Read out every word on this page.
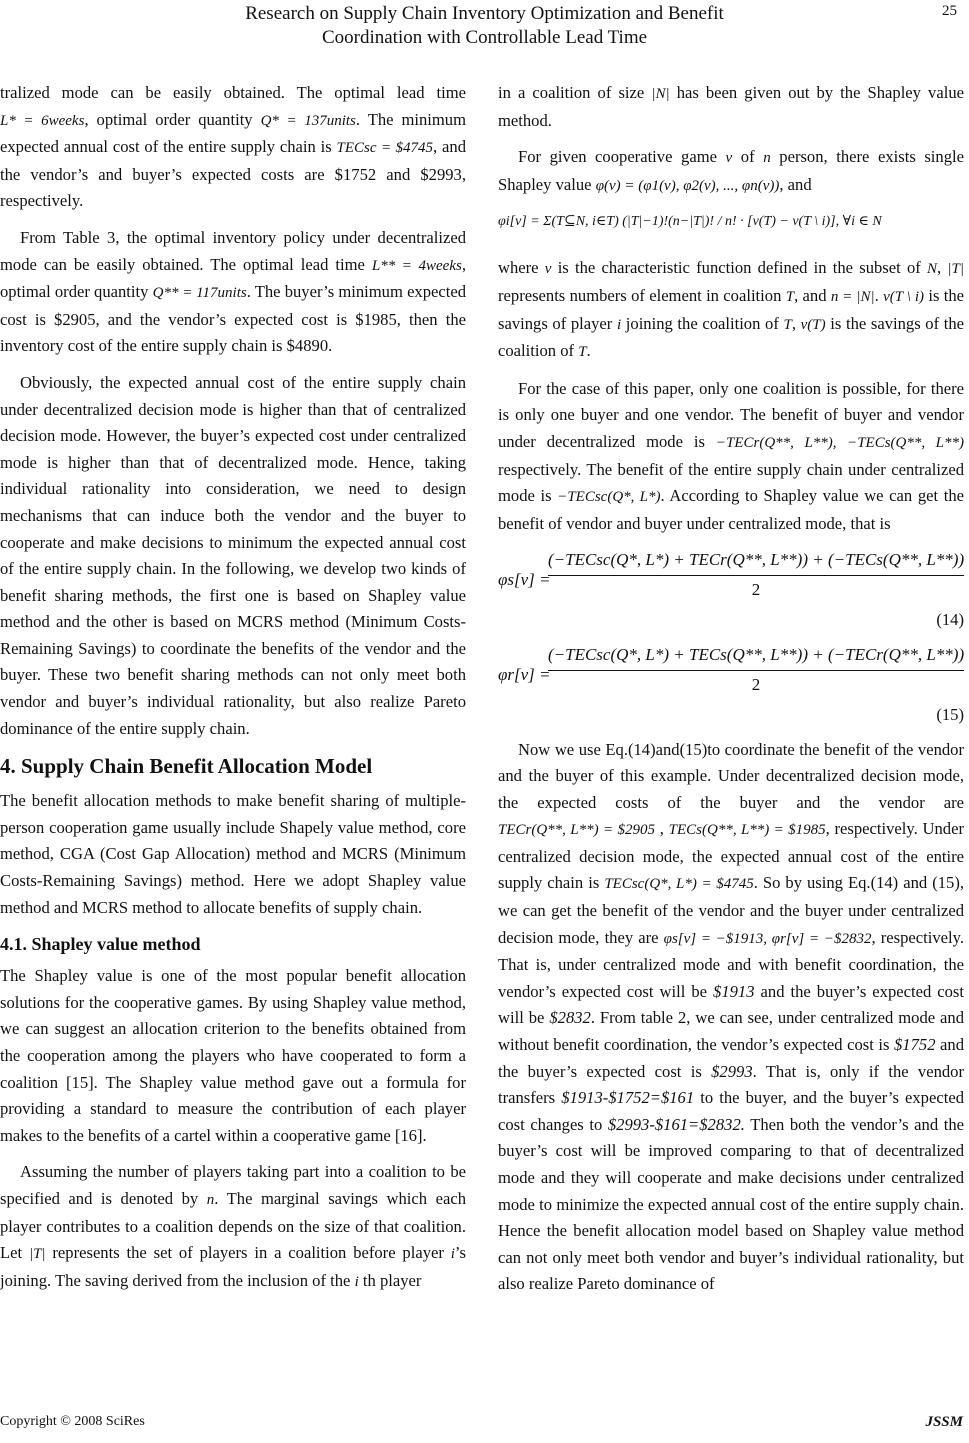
Research on Supply Chain Inventory Optimization and Benefit
Coordination with Controllable Lead Time
25

tralized mode can be easily obtained. The optimal lead time L* = 6weeks, optimal order quantity Q* = 137units. The minimum expected annual cost of the entire supply chain is TECsc = $4745, and the vendor’s and buyer’s expected costs are $1752 and $2993, respectively.

From Table 3, the optimal inventory policy under decentralized mode can be easily obtained. The optimal lead time L** = 4weeks, optimal order quantity Q** = 117units. The buyer’s minimum expected cost is $2905, and the vendor’s expected cost is $1985, then the inventory cost of the entire supply chain is $4890.

Obviously, the expected annual cost of the entire supply chain under decentralized decision mode is higher than that of centralized decision mode. However, the buyer’s expected cost under centralized mode is higher than that of decentralized mode. Hence, taking individual rationality into consideration, we need to design mechanisms that can induce both the vendor and the buyer to cooperate and make decisions to minimum the expected annual cost of the entire supply chain. In the following, we develop two kinds of benefit sharing methods, the first one is based on Shapley value method and the other is based on MCRS method (Minimum Costs-Remaining Savings) to coordinate the benefits of the vendor and the buyer. These two benefit sharing methods can not only meet both vendor and buyer’s individual rationality, but also realize Pareto dominance of the entire supply chain.

4. Supply Chain Benefit Allocation Model

The benefit allocation methods to make benefit sharing of multiple-person cooperation game usually include Shapely value method, core method, CGA (Cost Gap Allocation) method and MCRS (Minimum Costs-Remaining Savings) method. Here we adopt Shapley value method and MCRS method to allocate benefits of supply chain.

4.1. Shapley value method

The Shapley value is one of the most popular benefit allocation solutions for the cooperative games. By using Shapley value method, we can suggest an allocation criterion to the benefits obtained from the cooperation among the players who have cooperated to form a coalition [15]. The Shapley value method gave out a formula for providing a standard to measure the contribution of each player makes to the benefits of a cartel within a cooperative game [16].

Assuming the number of players taking part into a coalition to be specified and is denoted by n. The marginal savings which each player contributes to a coalition depends on the size of that coalition. Let |T| represents the set of players in a coalition before player i’s joining. The saving derived from the inclusion of the i th player

in a coalition of size |N| has been given out by the Shapley value method.

For given cooperative game v of n person, there exists single Shapley value φ(v) = (φ1(v), φ2(v), ..., φn(v)), and

φi[v] = Σ(T⊆N, i∈T) (|T|−1)!(n−|T|)! / n! · [v(T) − v(T \ i)], ∀i ∈ N

where v is the characteristic function defined in the subset of N, |T| represents numbers of element in coalition T, and n = |N|. v(T \ i) is the savings of player i joining the coalition of T, v(T) is the savings of the coalition of T.

For the case of this paper, only one coalition is possible, for there is only one buyer and one vendor. The benefit of buyer and vendor under decentralized mode is −TECr(Q**, L**), −TECs(Q**, L**) respectively. The benefit of the entire supply chain under centralized mode is −TECsc(Q*, L*). According to Shapley value we can get the benefit of vendor and buyer under centralized mode, that is

φs[v] =
(−TECsc(Q*, L*) + TECr(Q**, L**)) + (−TECs(Q**, L**))
2
(14)
φr[v] =
(−TECsc(Q*, L*) + TECs(Q**, L**)) + (−TECr(Q**, L**))
2
(15)

Now we use Eq.(14)and(15)to coordinate the benefit of the vendor and the buyer of this example. Under decentralized decision mode, the expected costs of the buyer and the vendor are TECr(Q**, L**) = $2905 , TECs(Q**, L**) = $1985, respectively. Under centralized decision mode, the expected annual cost of the entire supply chain is TECsc(Q*, L*) = $4745. So by using Eq.(14) and (15), we can get the benefit of the vendor and the buyer under centralized decision mode, they are φs[v] = −$1913, φr[v] = −$2832, respectively. That is, under centralized mode and with benefit coordination, the vendor’s expected cost will be $1913 and the buyer’s expected cost will be $2832. From table 2, we can see, under centralized mode and without benefit coordination, the vendor’s expected cost is $1752 and the buyer’s expected cost is $2993. That is, only if the vendor transfers $1913-$1752=$161 to the buyer, and the buyer’s expected cost changes to $2993-$161=$2832. Then both the vendor’s and the buyer’s cost will be improved comparing to that of decentralized mode and they will cooperate and make decisions under centralized mode to minimize the expected annual cost of the entire supply chain. Hence the benefit allocation model based on Shapley value method can not only meet both vendor and buyer’s individual rationality, but also realize Pareto dominance of

Copyright © 2008 SciRes	JSSM
